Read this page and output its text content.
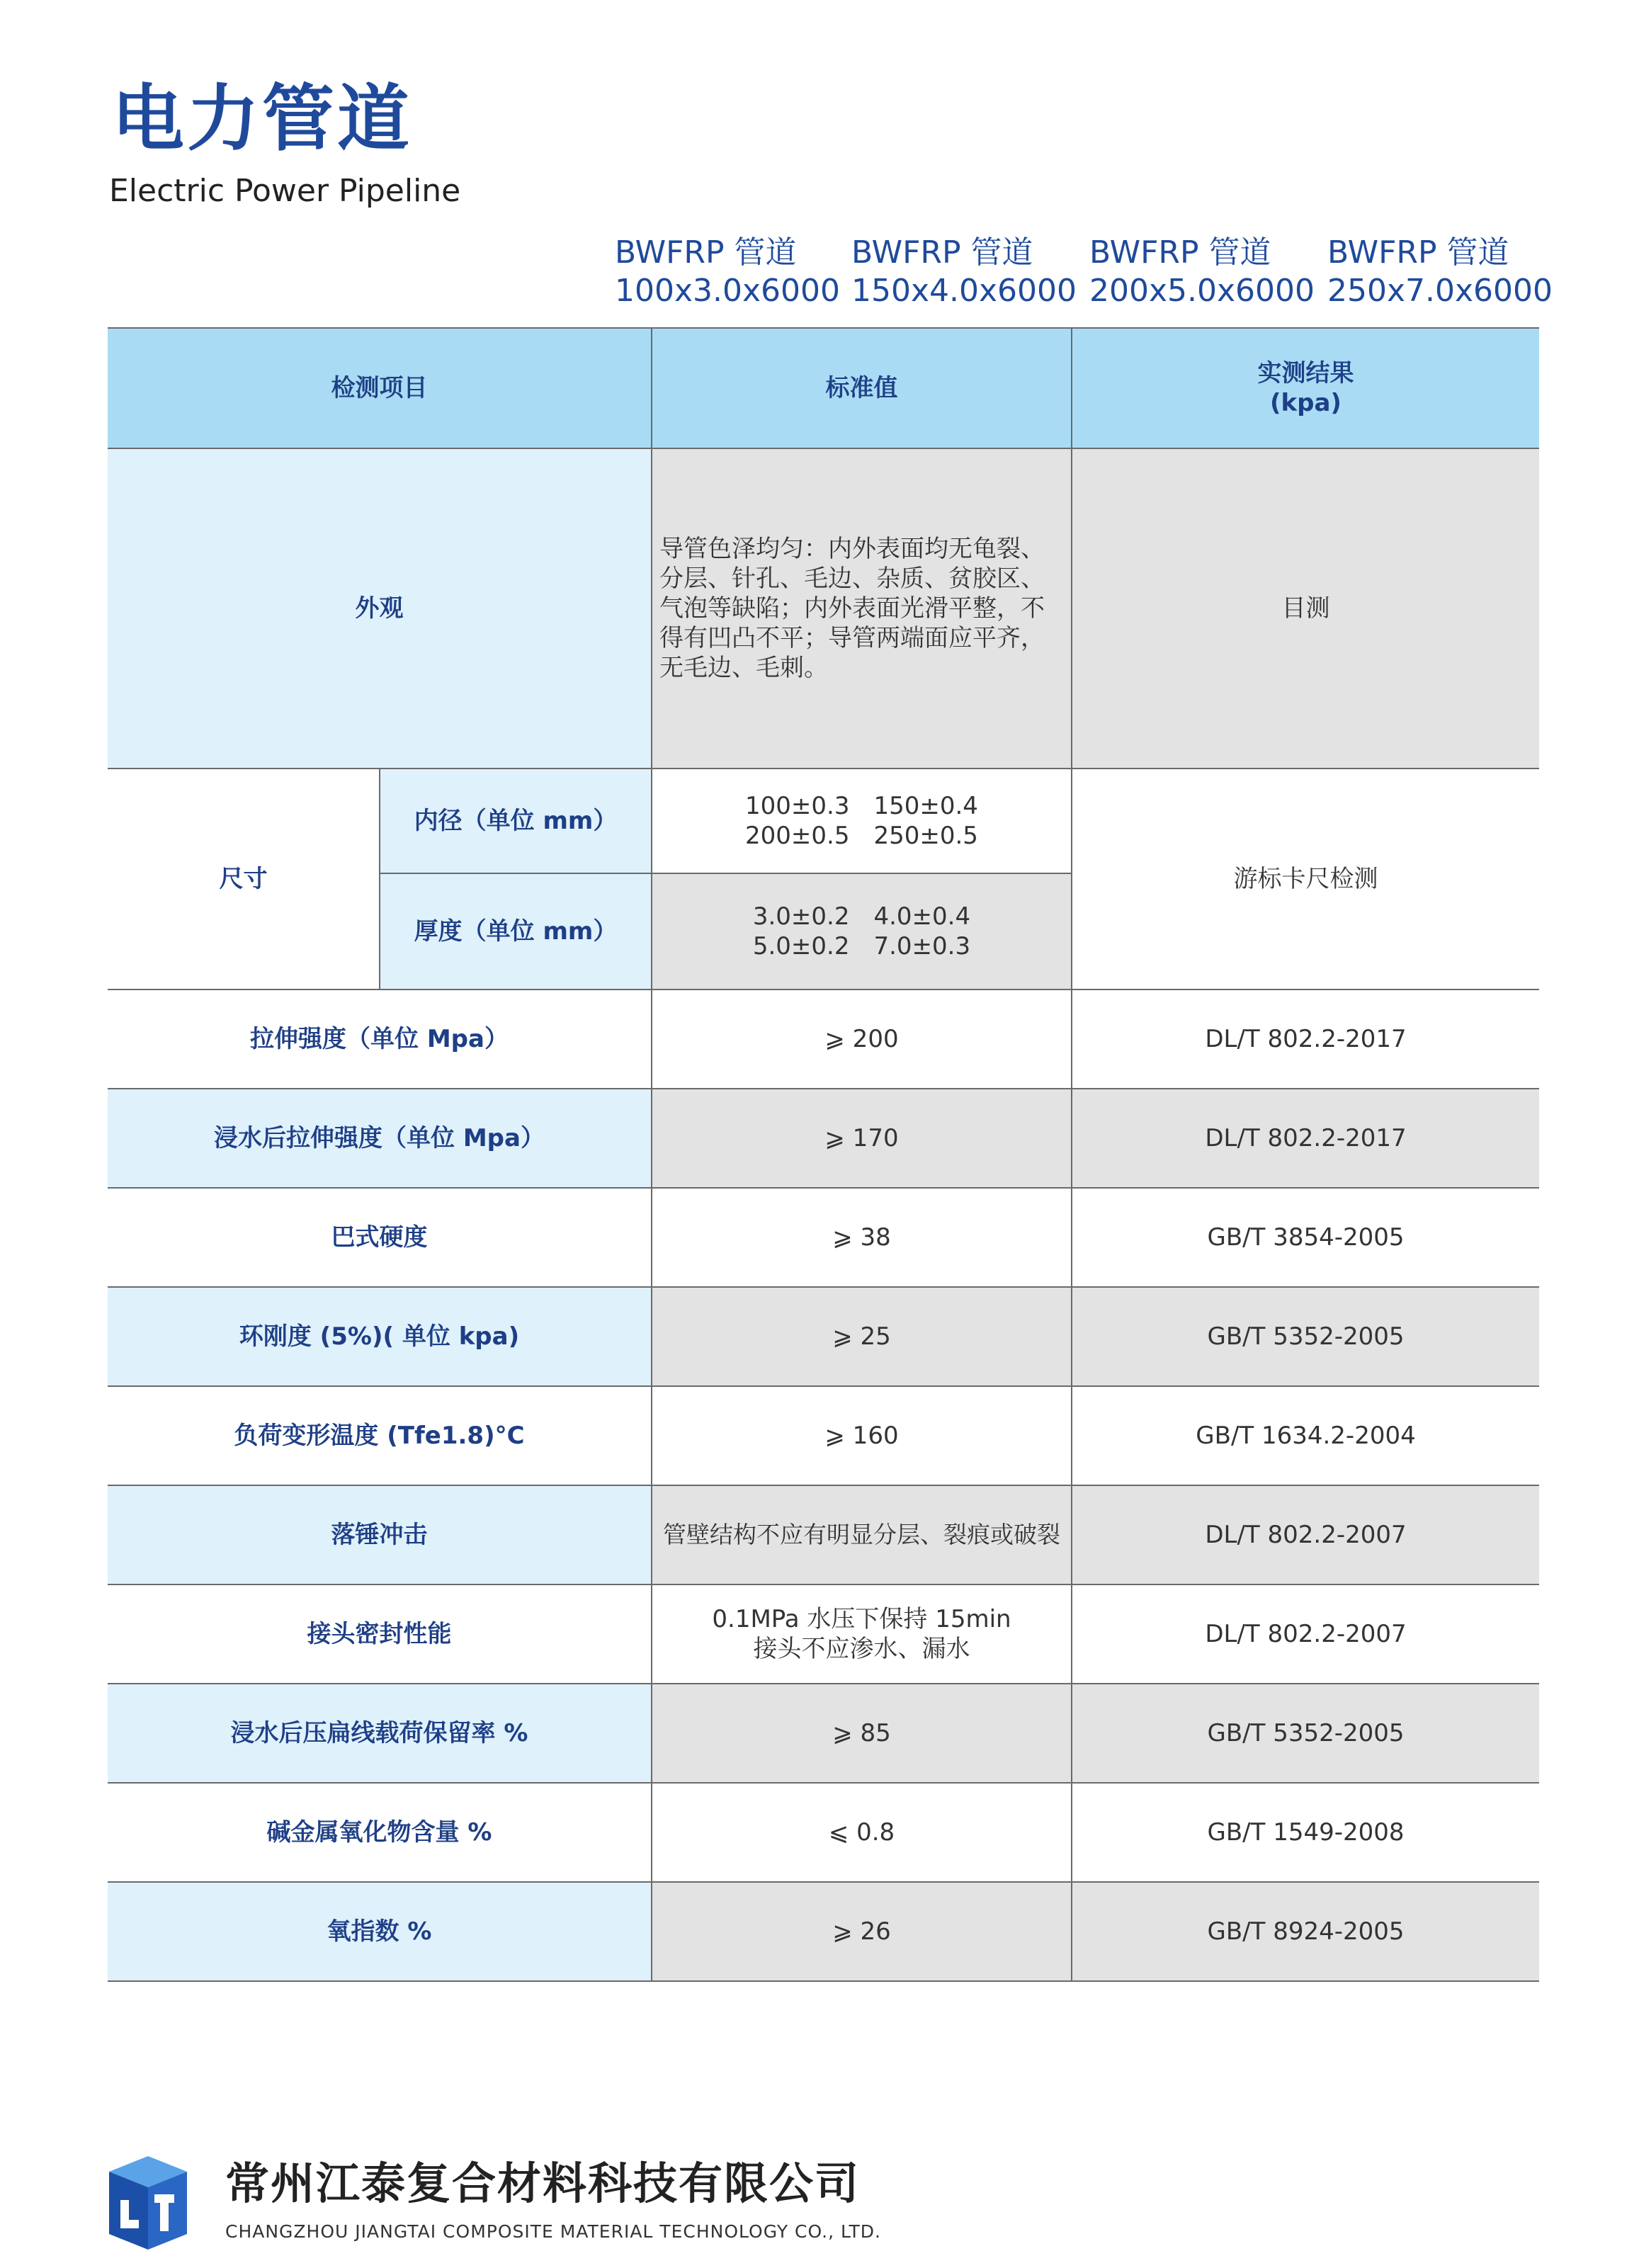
电力管道
Electric Power Pipeline
BWFRP 管道
100x3.0x6000
BWFRP 管道
150x4.0x6000
BWFRP 管道
200x5.0x6000
BWFRP 管道
250x7.0x6000
检测项目		标准值	实测结果
(kpa)

外观		导管色泽均匀：内外表面均无龟裂、分层、针孔、毛边、杂质、贫胶区、气泡等缺陷；内外表面光滑平整，不得有凹凸不平；导管两端面应平齐，无毛边、毛刺。	目测
尺寸	内径（单位 mm）	100±0.3　150±0.4
200±0.5　250±0.5	游标卡尺检测
	厚度（单位 mm）	3.0±0.2　4.0±0.4
5.0±0.2　7.0±0.3	

拉伸强度（单位 Mpa）		⩾ 200	DL/T 802.2-2017
浸水后拉伸强度（单位 Mpa）		⩾ 170	DL/T 802.2-2017
巴式硬度		⩾ 38	GB/T 3854-2005
环刚度 (5%)( 单位 kpa)		⩾ 25	GB/T 5352-2005
负荷变形温度 (Tfe1.8)°C		⩾ 160	GB/T 1634.2-2004
落锤冲击		管壁结构不应有明显分层、裂痕或破裂	DL/T 802.2-2007
接头密封性能		0.1MPa 水压下保持 15min
接头不应渗水、漏水	DL/T 802.2-2007
浸水后压扁线载荷保留率 %		⩾ 85	GB/T 5352-2005
碱金属氧化物含量 %		⩽ 0.8	GB/T 1549-2008
氧指数 %		⩾ 26	GB/T 8924-2005
常州江泰复合材料科技有限公司
CHANGZHOU JIANGTAI COMPOSITE MATERIAL TECHNOLOGY CO., LTD.
